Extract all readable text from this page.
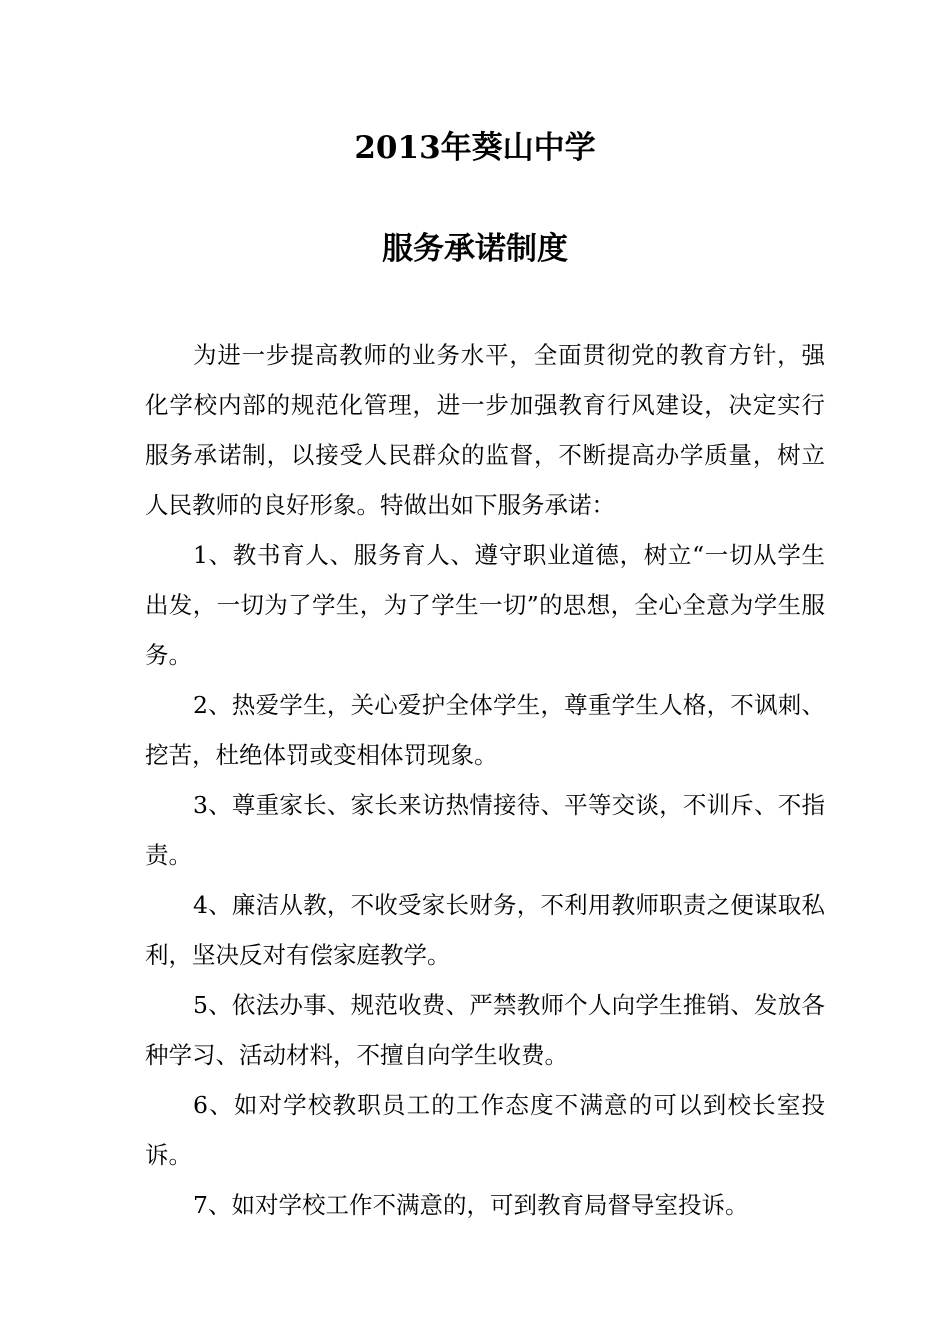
2013年葵山中学
服务承诺制度

为进一步提高教师的业务水平，全面贯彻党的教育方针，强化学校内部的规范化管理，进一步加强教育行风建设，决定实行服务承诺制，以接受人民群众的监督，不断提高办学质量，树立人民教师的良好形象。特做出如下服务承诺：

1、教书育人、服务育人、遵守职业道德，树立“一切从学生出发，一切为了学生，为了学生一切”的思想，全心全意为学生服务。

2、热爱学生，关心爱护全体学生，尊重学生人格，不讽刺、挖苦，杜绝体罚或变相体罚现象。

3、尊重家长、家长来访热情接待、平等交谈，不训斥、不指责。

4、廉洁从教，不收受家长财务，不利用教师职责之便谋取私利，坚决反对有偿家庭教学。

5、依法办事、规范收费、严禁教师个人向学生推销、发放各种学习、活动材料，不擅自向学生收费。

6、如对学校教职员工的工作态度不满意的可以到校长室投诉。

7、如对学校工作不满意的，可到教育局督导室投诉。
